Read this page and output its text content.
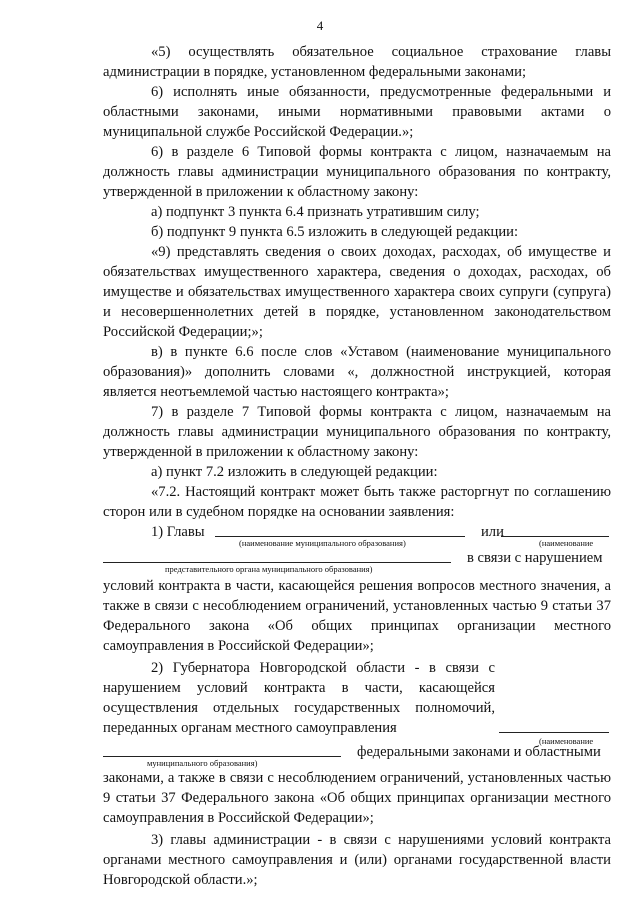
4

«5) осуществлять обязательное социальное страхование главы администрации в порядке, установленном федеральными законами;

6) исполнять иные обязанности, предусмотренные федеральными и областными законами, иными нормативными правовыми актами о муниципальной службе Российской Федерации.»;

6) в разделе 6 Типовой формы контракта с лицом, назначаемым на должность главы администрации муниципального образования по контракту, утвержденной в приложении к областному закону:

а) подпункт 3 пункта 6.4 признать утратившим силу;

б) подпункт 9 пункта 6.5 изложить в следующей редакции:

«9) представлять сведения о своих доходах, расходах, об имуществе и обязательствах имущественного характера, сведения о доходах, расходах, об имуществе и обязательствах имущественного характера своих супруги (супруга) и несовершеннолетних детей в порядке, установленном законодательством Российской Федерации;»;

в) в пункте 6.6 после слов «Уставом (наименование муниципального образования)» дополнить словами «, должностной инструкцией, которая является неотъемлемой частью настоящего контракта»;

7) в разделе 7 Типовой формы контракта с лицом, назначаемым на должность главы администрации муниципального образования по контракту, утвержденной в приложении к областному закону:

а) пункт 7.2 изложить в следующей редакции:

«7.2. Настоящий контракт может быть также расторгнут по соглашению сторон или в судебном порядке на основании заявления:

1) Главы	или
(наименование муниципального образования)	(наименование
в связи с нарушением
представительного органа муниципального образования)

условий контракта в части, касающейся решения вопросов местного значения, а также в связи с несоблюдением ограничений, установленных частью 9 статьи 37 Федерального закона «Об общих принципах организации местного самоуправления в Российской Федерации»;

2) Губернатора Новгородской области - в связи с нарушением условий контракта в части, касающейся осуществления отдельных государственных полномочий, переданных органам местного самоуправления

(наименование
федеральными законами и областными
муниципального образования)

законами, а также в связи с несоблюдением ограничений, установленных частью 9 статьи 37 Федерального закона «Об общих принципах организации местного самоуправления в Российской Федерации»;

3) главы администрации - в связи с нарушениями условий контракта органами местного самоуправления и (или) органами государственной власти Новгородской области.»;
